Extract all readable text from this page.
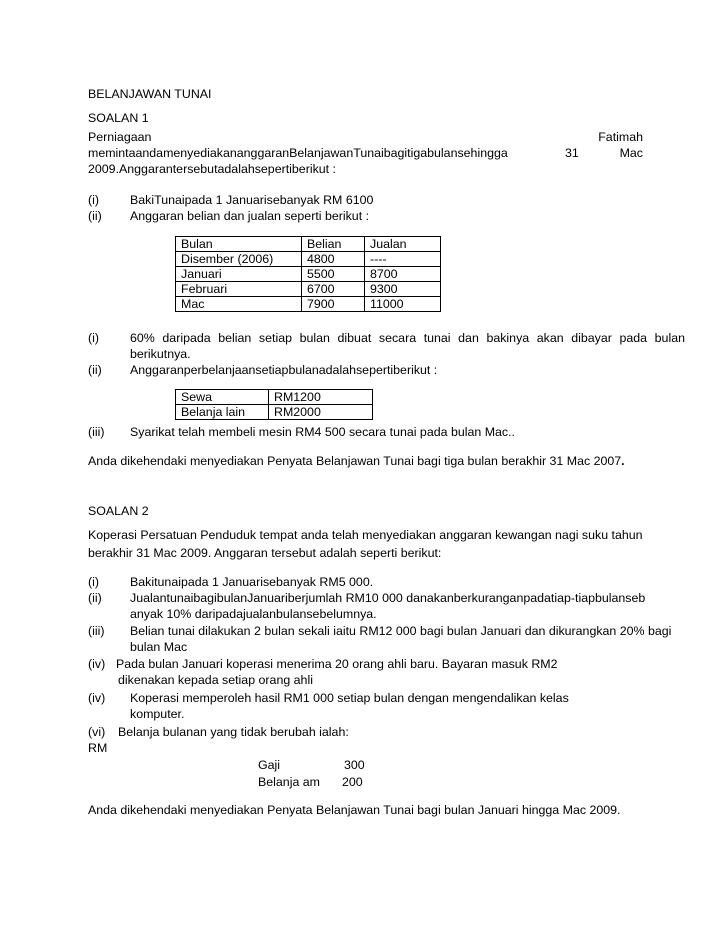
BELANJAWAN TUNAI
SOALAN 1
Perniagaan	Fatimah
memintaandamenyediakananggaranBelanjawanTunaibagitigabulansehingga	31	Mac
2009.Anggarantersebutadalahsepertiberikut :
(i) BakiTunaipada 1 Januarisebanyak RM 6100
(ii) Anggaran belian dan jualan seperti berikut :
Bulan	Belian	Jualan
Disember (2006)	4800	----
Januari	5500	8700
Februari	6700	9300
Mac	7900	11000
(i) 60% daripada belian setiap bulan dibuat secara tunai dan bakinya akan dibayar pada bulan berikutnya.
(ii) Anggaranperbelanjaansetiapbulanadalahsepertiberikut :
Sewa	RM1200
Belanja lain	RM2000
(iii) Syarikat telah membeli mesin RM4 500 secara tunai pada bulan Mac..
Anda dikehendaki menyediakan Penyata Belanjawan Tunai bagi tiga bulan berakhir 31 Mac 2007.
SOALAN 2
Koperasi Persatuan Penduduk tempat anda telah menyediakan anggaran kewangan nagi suku tahun berakhir 31 Mac 2009. Anggaran tersebut adalah seperti berikut:
(i) Bakitunaipada 1 Januarisebanyak RM5 000.
(ii) JualantunaibagibulanJanuariberjumlah RM10 000 danakanberkuranganpadatiap-tiapbulansebanyak 10% daripadajualanbulansebelumnya.
(iii) Belian tunai dilakukan 2 bulan sekali iaitu RM12 000 bagi bulan Januari dan dikurangkan 20% bagi bulan Mac
(iv) Pada bulan Januari koperasi menerima 20 orang ahli baru. Bayaran masuk RM2
dikenakan kepada setiap orang ahli
(iv) Koperasi memperoleh hasil RM1 000 setiap bulan dengan mengendalikan kelas
komputer.
(vi) Belanja bulanan yang tidak berubah ialah:
RM
Gaji	300
Belanja am 200
Anda dikehendaki menyediakan Penyata Belanjawan Tunai bagi bulan Januari hingga Mac 2009.
